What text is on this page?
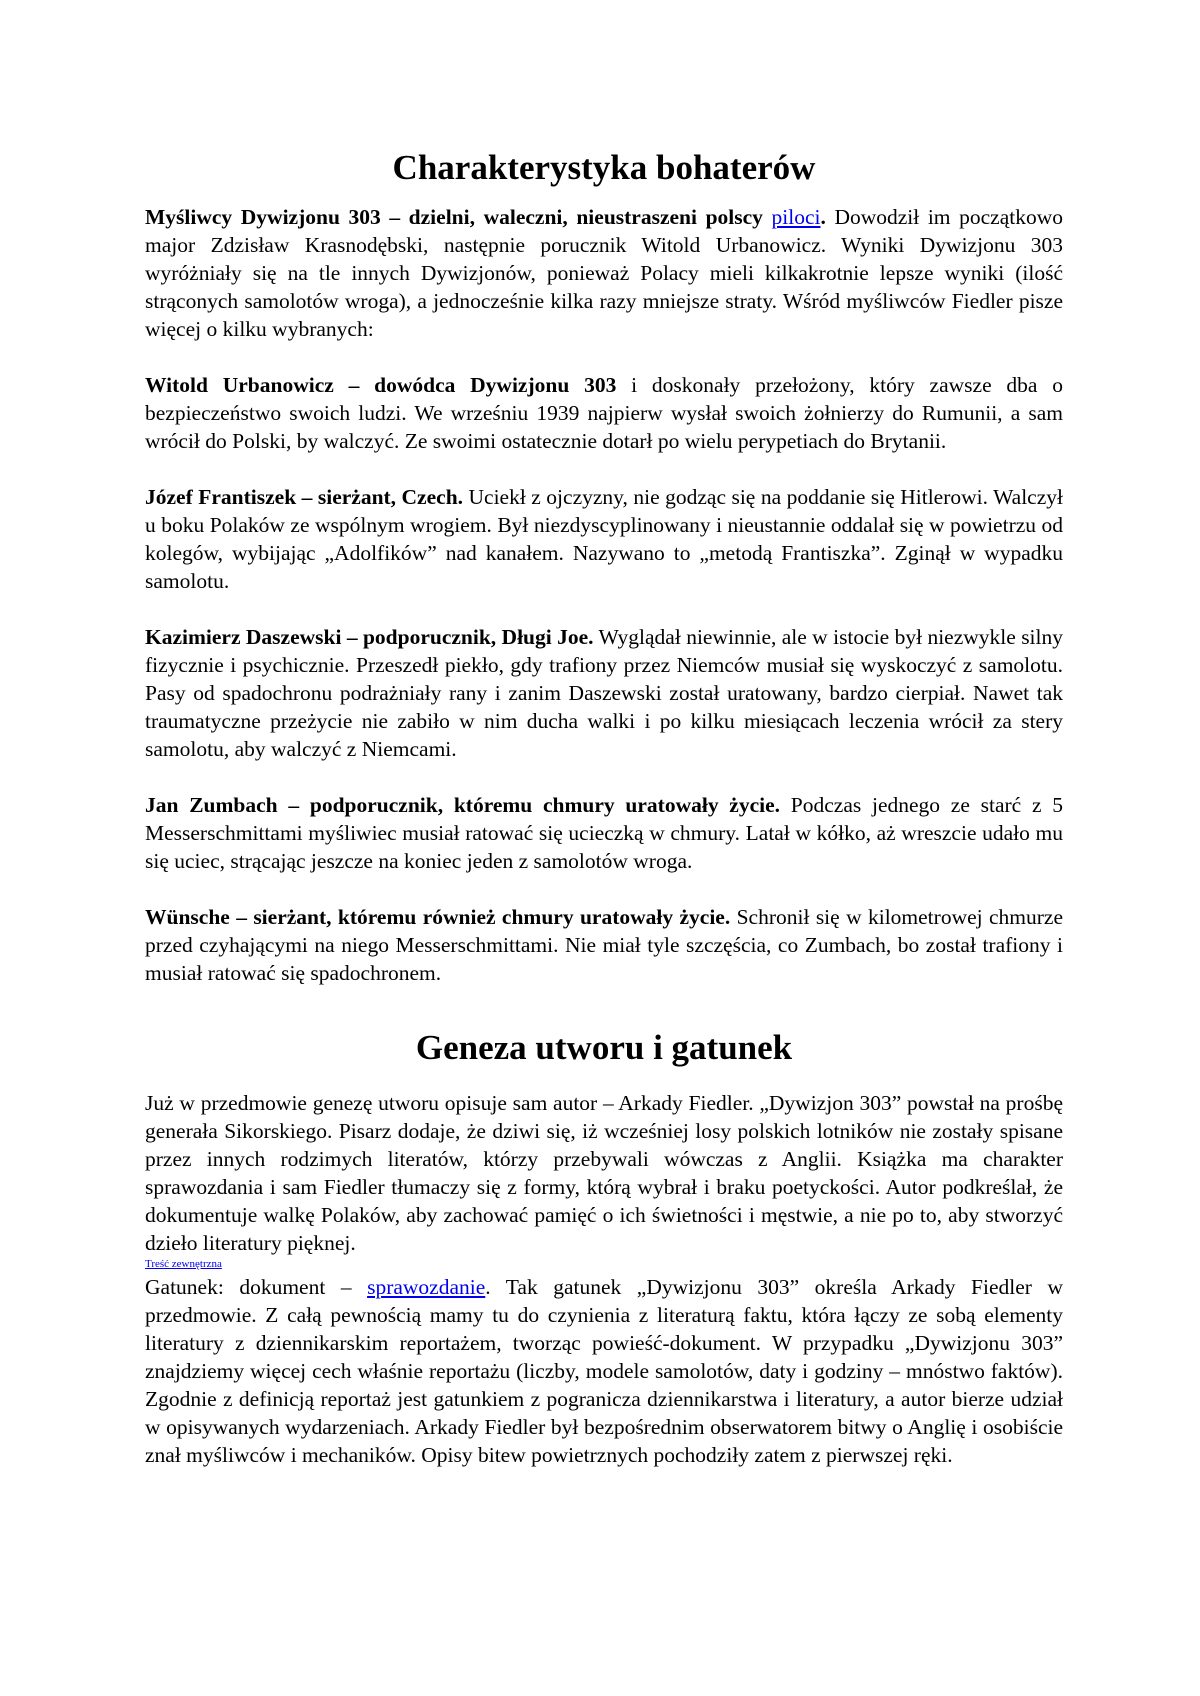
Charakterystyka bohaterów

Myśliwcy Dywizjonu 303 – dzielni, waleczni, nieustraszeni polscy piloci. Dowodził im początkowo major Zdzisław Krasnodębski, następnie porucznik Witold Urbanowicz. Wyniki Dywizjonu 303 wyróżniały się na tle innych Dywizjonów, ponieważ Polacy mieli kilkakrotnie lepsze wyniki (ilość strąconych samolotów wroga), a jednocześnie kilka razy mniejsze straty. Wśród myśliwców Fiedler pisze więcej o kilku wybranych:

Witold Urbanowicz – dowódca Dywizjonu 303 i doskonały przełożony, który zawsze dba o bezpieczeństwo swoich ludzi. We wrześniu 1939 najpierw wysłał swoich żołnierzy do Rumunii, a sam wrócił do Polski, by walczyć. Ze swoimi ostatecznie dotarł po wielu perypetiach do Brytanii.

Józef Frantiszek – sierżant, Czech. Uciekł z ojczyzny, nie godząc się na poddanie się Hitlerowi. Walczył u boku Polaków ze wspólnym wrogiem. Był niezdyscyplinowany i nieustannie oddalał się w powietrzu od kolegów, wybijając „Adolfików” nad kanałem. Nazywano to „metodą Frantiszka”. Zginął w wypadku samolotu.

Kazimierz Daszewski – podporucznik, Długi Joe. Wyglądał niewinnie, ale w istocie był niezwykle silny fizycznie i psychicznie. Przeszedł piekło, gdy trafiony przez Niemców musiał się wyskoczyć z samolotu. Pasy od spadochronu podrażniały rany i zanim Daszewski został uratowany, bardzo cierpiał. Nawet tak traumatyczne przeżycie nie zabiło w nim ducha walki i po kilku miesiącach leczenia wrócił za stery samolotu, aby walczyć z Niemcami.

Jan Zumbach – podporucznik, któremu chmury uratowały życie. Podczas jednego ze starć z 5 Messerschmittami myśliwiec musiał ratować się ucieczką w chmury. Latał w kółko, aż wreszcie udało mu się uciec, strącając jeszcze na koniec jeden z samolotów wroga.

Wünsche – sierżant, któremu również chmury uratowały życie. Schronił się w kilometrowej chmurze przed czyhającymi na niego Messerschmittami. Nie miał tyle szczęścia, co Zumbach, bo został trafiony i musiał ratować się spadochronem.

Geneza utworu i gatunek

Już w przedmowie genezę utworu opisuje sam autor – Arkady Fiedler. „Dywizjon 303” powstał na prośbę generała Sikorskiego. Pisarz dodaje, że dziwi się, iż wcześniej losy polskich lotników nie zostały spisane przez innych rodzimych literatów, którzy przebywali wówczas z Anglii. Książka ma charakter sprawozdania i sam Fiedler tłumaczy się z formy, którą wybrał i braku poetyckości. Autor podkreślał, że dokumentuje walkę Polaków, aby zachować pamięć o ich świetności i męstwie, a nie po to, aby stworzyć dzieło literatury pięknej.

Treść zewnętrzna

Gatunek: dokument – sprawozdanie. Tak gatunek „Dywizjonu 303” określa Arkady Fiedler w przedmowie. Z całą pewnością mamy tu do czynienia z literaturą faktu, która łączy ze sobą elementy literatury z dziennikarskim reportażem, tworząc powieść-dokument. W przypadku „Dywizjonu 303” znajdziemy więcej cech właśnie reportażu (liczby, modele samolotów, daty i godziny – mnóstwo faktów). Zgodnie z definicją reportaż jest gatunkiem z pogranicza dziennikarstwa i literatury, a autor bierze udział w opisywanych wydarzeniach. Arkady Fiedler był bezpośrednim obserwatorem bitwy o Anglię i osobiście znał myśliwców i mechaników. Opisy bitew powietrznych pochodziły zatem z pierwszej ręki.
